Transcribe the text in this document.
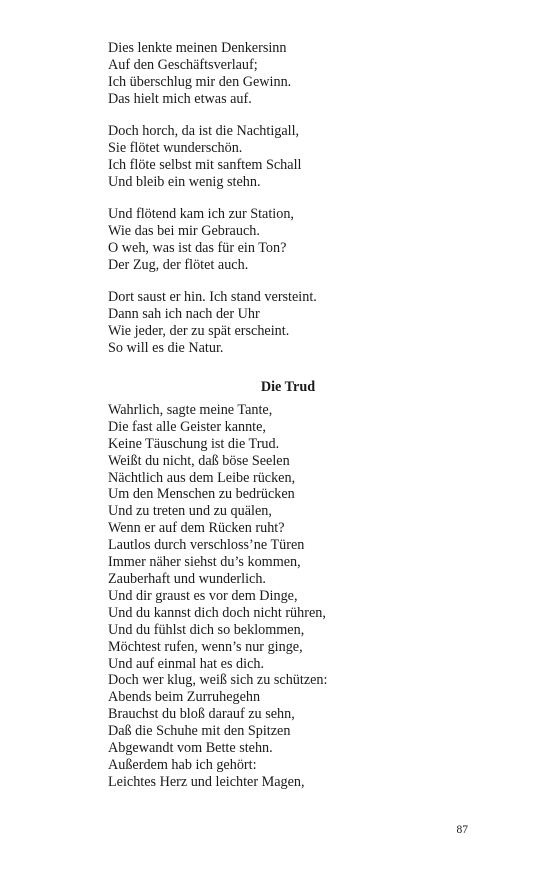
Dies lenkte meinen Denkersinn
Auf den Geschäftsverlauf;
Ich überschlug mir den Gewinn.
Das hielt mich etwas auf.
Doch horch, da ist die Nachtigall,
Sie flötet wunderschön.
Ich flöte selbst mit sanftem Schall
Und bleib ein wenig stehn.
Und flötend kam ich zur Station,
Wie das bei mir Gebrauch.
O weh, was ist das für ein Ton?
Der Zug, der flötet auch.
Dort saust er hin. Ich stand versteint.
Dann sah ich nach der Uhr
Wie jeder, der zu spät erscheint.
So will es die Natur.
Die Trud
Wahrlich, sagte meine Tante,
Die fast alle Geister kannte,
Keine Täuschung ist die Trud.
Weißt du nicht, daß böse Seelen
Nächtlich aus dem Leibe rücken,
Um den Menschen zu bedrücken
Und zu treten und zu quälen,
Wenn er auf dem Rücken ruht?
Lautlos durch verschloss’ne Türen
Immer näher siehst du’s kommen,
Zauberhaft und wunderlich.
Und dir graust es vor dem Dinge,
Und du kannst dich doch nicht rühren,
Und du fühlst dich so beklommen,
Möchtest rufen, wenn’s nur ginge,
Und auf einmal hat es dich.
Doch wer klug, weiß sich zu schützen:
Abends beim Zurruhegehn
Brauchst du bloß darauf zu sehn,
Daß die Schuhe mit den Spitzen
Abgewandt vom Bette stehn.
Außerdem hab ich gehört:
Leichtes Herz und leichter Magen,
87
